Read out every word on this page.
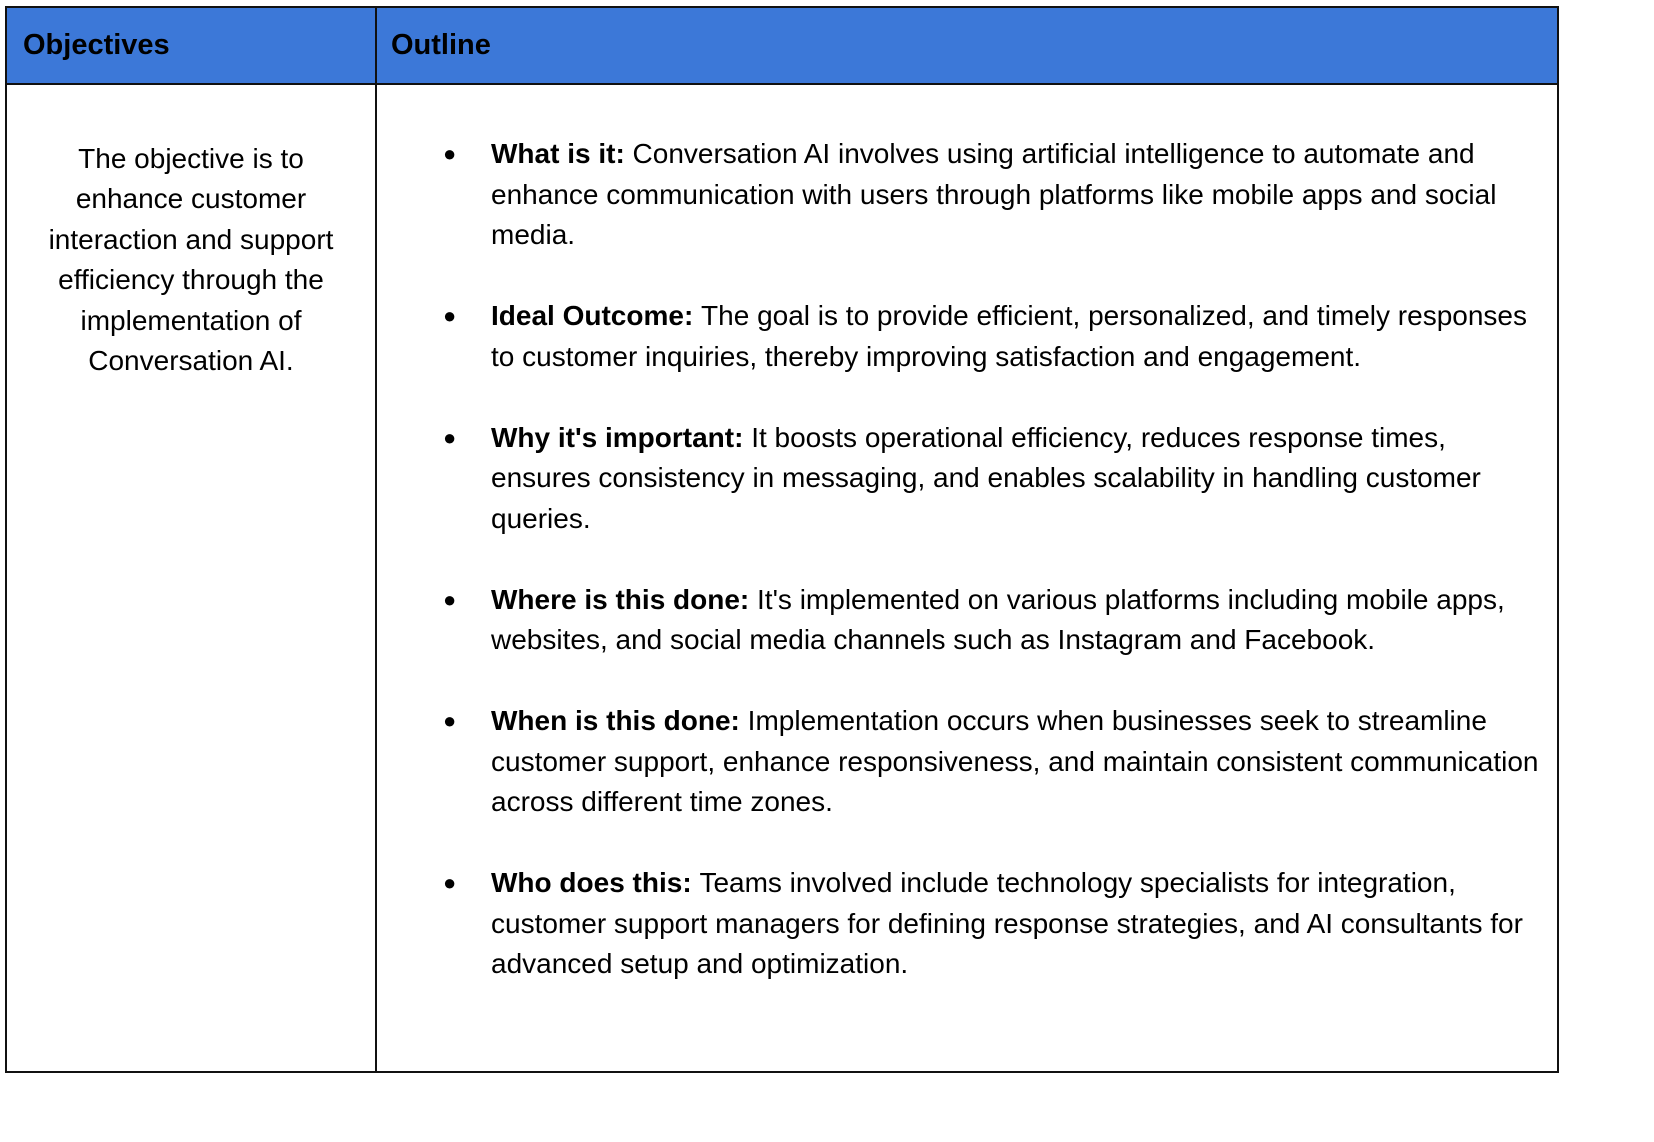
Objectives	Outline
The objective is to enhance customer interaction and support efficiency through the implementation of Conversation AI.
● What is it: Conversation AI involves using artificial intelligence to automate and enhance communication with users through platforms like mobile apps and social media.
● Ideal Outcome: The goal is to provide efficient, personalized, and timely responses to customer inquiries, thereby improving satisfaction and engagement.
● Why it's important: It boosts operational efficiency, reduces response times, ensures consistency in messaging, and enables scalability in handling customer queries.
● Where is this done: It's implemented on various platforms including mobile apps, websites, and social media channels such as Instagram and Facebook.
● When is this done: Implementation occurs when businesses seek to streamline customer support, enhance responsiveness, and maintain consistent communication across different time zones.
● Who does this: Teams involved include technology specialists for integration, customer support managers for defining response strategies, and AI consultants for advanced setup and optimization.
